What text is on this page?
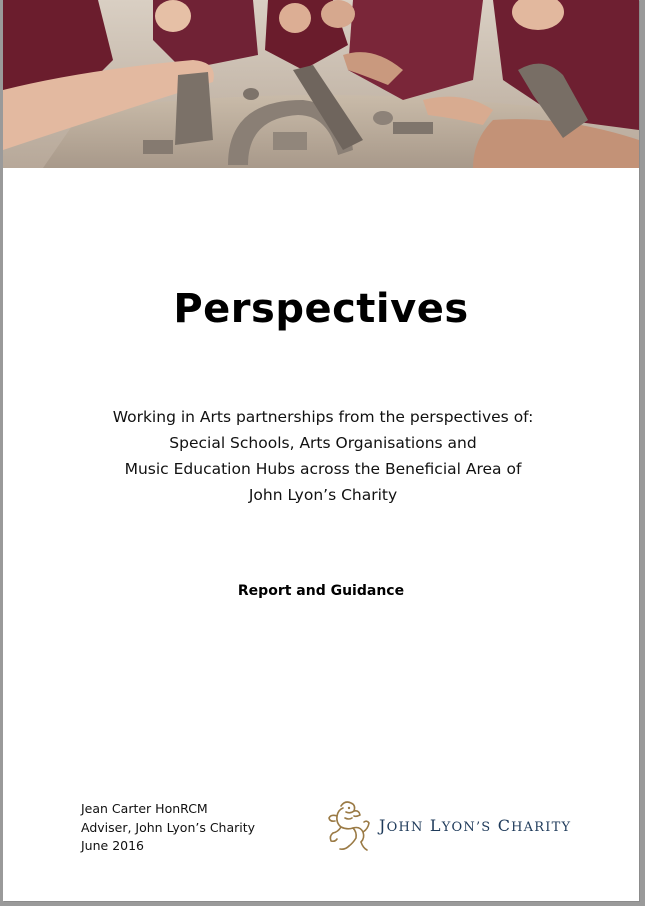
Perspectives
Working in Arts partnerships from the perspectives of:
Special Schools, Arts Organisations and
Music Education Hubs across the Beneficial Area of
John Lyon’s Charity
Report and Guidance
Jean Carter HonRCM
Adviser, John Lyon’s Charity
June 2016
JOHN LYON’S CHARITY
